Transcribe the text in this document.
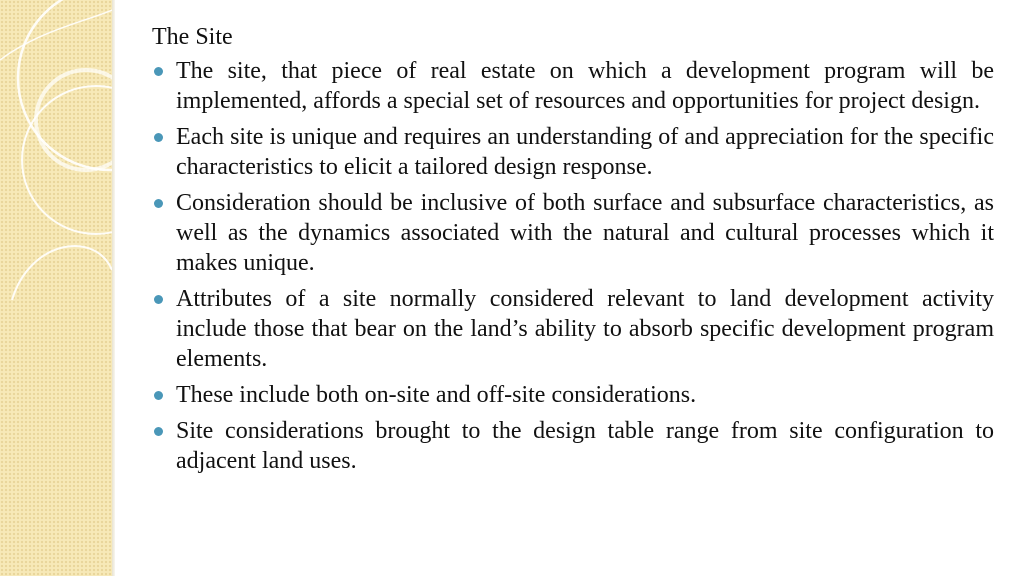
The Site
The site, that piece of real estate on which a development program will be implemented, affords a special set of resources and opportunities for project design.
Each site is unique and requires an understanding of and appreciation for the specific characteristics to elicit a tailored design response.
Consideration should be inclusive of both surface and subsurface characteristics, as well as the dynamics associated with the natural and cultural processes which it makes unique.
Attributes of a site normally considered relevant to land development activity include those that bear on the land’s ability to absorb specific development program elements.
These include both on-site and off-site considerations.
Site considerations brought to the design table range from site configuration to adjacent land uses.
